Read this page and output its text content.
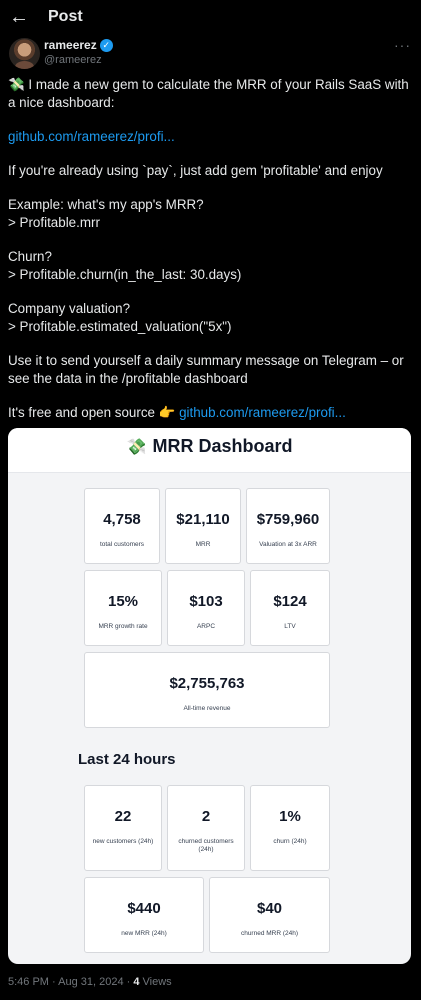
← Post
rameerez ✓
@rameerez
···

💸 I made a new gem to calculate the MRR of your Rails SaaS with a nice dashboard:

github.com/rameerez/profi...

If you're already using `pay`, just add gem 'profitable' and enjoy

Example: what's my app's MRR?
> Profitable.mrr

Churn?
> Profitable.churn(in_the_last: 30.days)

Company valuation?
> Profitable.estimated_valuation("5x")

Use it to send yourself a daily summary message on Telegram – or see the data in the /profitable dashboard

It's free and open source 👉 github.com/rameerez/profi...

💸 MRR Dashboard
4,758
total customers
$21,110
MRR
$759,960
Valuation at 3x ARR
15%
MRR growth rate
$103
ARPC
$124
LTV
$2,755,763
All-time revenue
Last 24 hours
22
new customers (24h)
2
churned customers (24h)
1%
churn (24h)
$440
new MRR (24h)
$40
churned MRR (24h)
5:46 PM · Aug 31, 2024 · 4 Views
